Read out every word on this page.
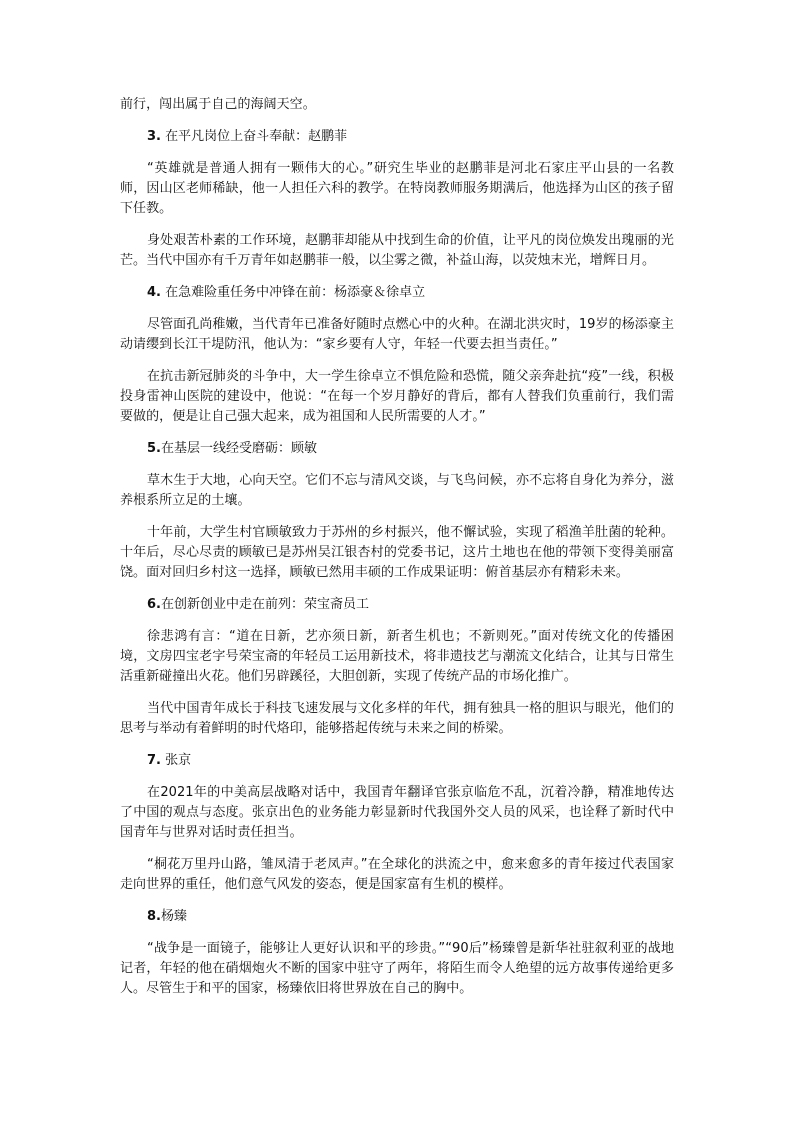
前行，闯出属于自己的海阔天空。

3. 在平凡岗位上奋斗奉献：赵鹏菲

“英雄就是普通人拥有一颗伟大的心。”研究生毕业的赵鹏菲是河北石家庄平山县的一名教师，因山区老师稀缺，他一人担任六科的教学。在特岗教师服务期满后，他选择为山区的孩子留下任教。

身处艰苦朴素的工作环境，赵鹏菲却能从中找到生命的价值，让平凡的岗位焕发出瑰丽的光芒。当代中国亦有千万青年如赵鹏菲一般，以尘雾之微，补益山海，以荧烛末光，增辉日月。

4. 在急难险重任务中冲锋在前：杨添豪＆徐卓立

尽管面孔尚稚嫩，当代青年已准备好随时点燃心中的火种。在湖北洪灾时，19岁的杨添豪主动请缨到长江干堤防汛，他认为：“家乡要有人守，年轻一代要去担当责任。”

在抗击新冠肺炎的斗争中，大一学生徐卓立不惧危险和恐慌，随父亲奔赴抗“疫”一线，积极投身雷神山医院的建设中，他说：“在每一个岁月静好的背后，都有人替我们负重前行，我们需要做的，便是让自己强大起来，成为祖国和人民所需要的人才。”

5.在基层一线经受磨砺：顾敏

草木生于大地，心向天空。它们不忘与清风交谈，与飞鸟问候，亦不忘将自身化为养分，滋养根系所立足的土壤。

十年前，大学生村官顾敏致力于苏州的乡村振兴，他不懈试验，实现了稻渔羊肚菌的轮种。十年后，尽心尽责的顾敏已是苏州吴江银杏村的党委书记，这片土地也在他的带领下变得美丽富饶。面对回归乡村这一选择，顾敏已然用丰硕的工作成果证明：俯首基层亦有精彩未来。

6.在创新创业中走在前列：荣宝斋员工

徐悲鸿有言：“道在日新，艺亦须日新，新者生机也；不新则死。”面对传统文化的传播困境，文房四宝老字号荣宝斋的年轻员工运用新技术，将非遗技艺与潮流文化结合，让其与日常生活重新碰撞出火花。他们另辟蹊径，大胆创新，实现了传统产品的市场化推广。

当代中国青年成长于科技飞速发展与文化多样的年代，拥有独具一格的胆识与眼光，他们的思考与举动有着鲜明的时代烙印，能够搭起传统与未来之间的桥梁。

7. 张京

在2021年的中美高层战略对话中，我国青年翻译官张京临危不乱，沉着冷静，精准地传达了中国的观点与态度。张京出色的业务能力彰显新时代我国外交人员的风采，也诠释了新时代中国青年与世界对话时责任担当。

“桐花万里丹山路，雏凤清于老凤声。”在全球化的洪流之中，愈来愈多的青年接过代表国家走向世界的重任，他们意气风发的姿态，便是国家富有生机的模样。

8.杨臻

“战争是一面镜子，能够让人更好认识和平的珍贵。”“90后”杨臻曾是新华社驻叙利亚的战地记者，年轻的他在硝烟炮火不断的国家中驻守了两年，将陌生而令人绝望的远方故事传递给更多人。尽管生于和平的国家，杨臻依旧将世界放在自己的胸中。
